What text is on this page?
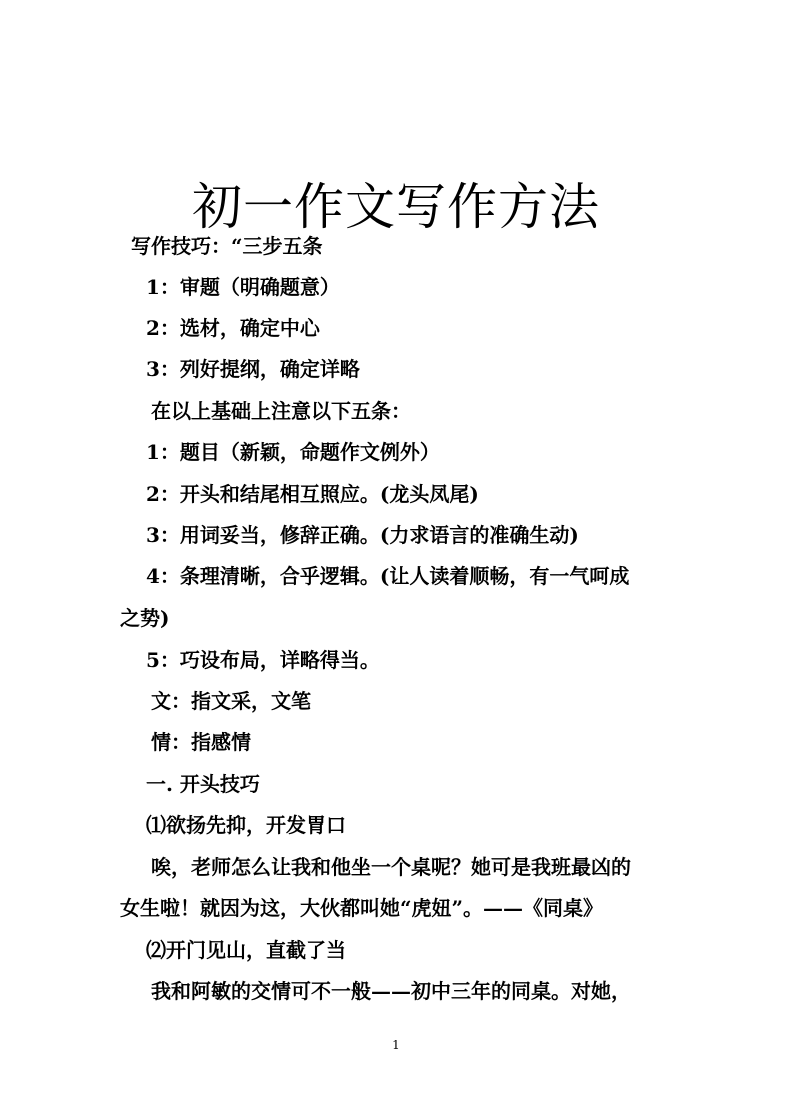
初一作文写作方法
写作技巧：“三步五条
1：审题（明确题意）
2：选材，确定中心
3：列好提纲，确定详略
在以上基础上注意以下五条：
1：题目（新颖，命题作文例外）
2：开头和结尾相互照应。(龙头凤尾)
3：用词妥当，修辞正确。(力求语言的准确生动)
4：条理清晰，合乎逻辑。(让人读着顺畅，有一气呵成
之势)
5：巧设布局，详略得当。
文：指文采，文笔
情：指感情
一. 开头技巧
⑴欲扬先抑，开发胃口
唉，老师怎么让我和他坐一个桌呢？她可是我班最凶的
女生啦！就因为这，大伙都叫她“虎妞”。——《同桌》
⑵开门见山，直截了当
我和阿敏的交情可不一般——初中三年的同桌。对她，
1
